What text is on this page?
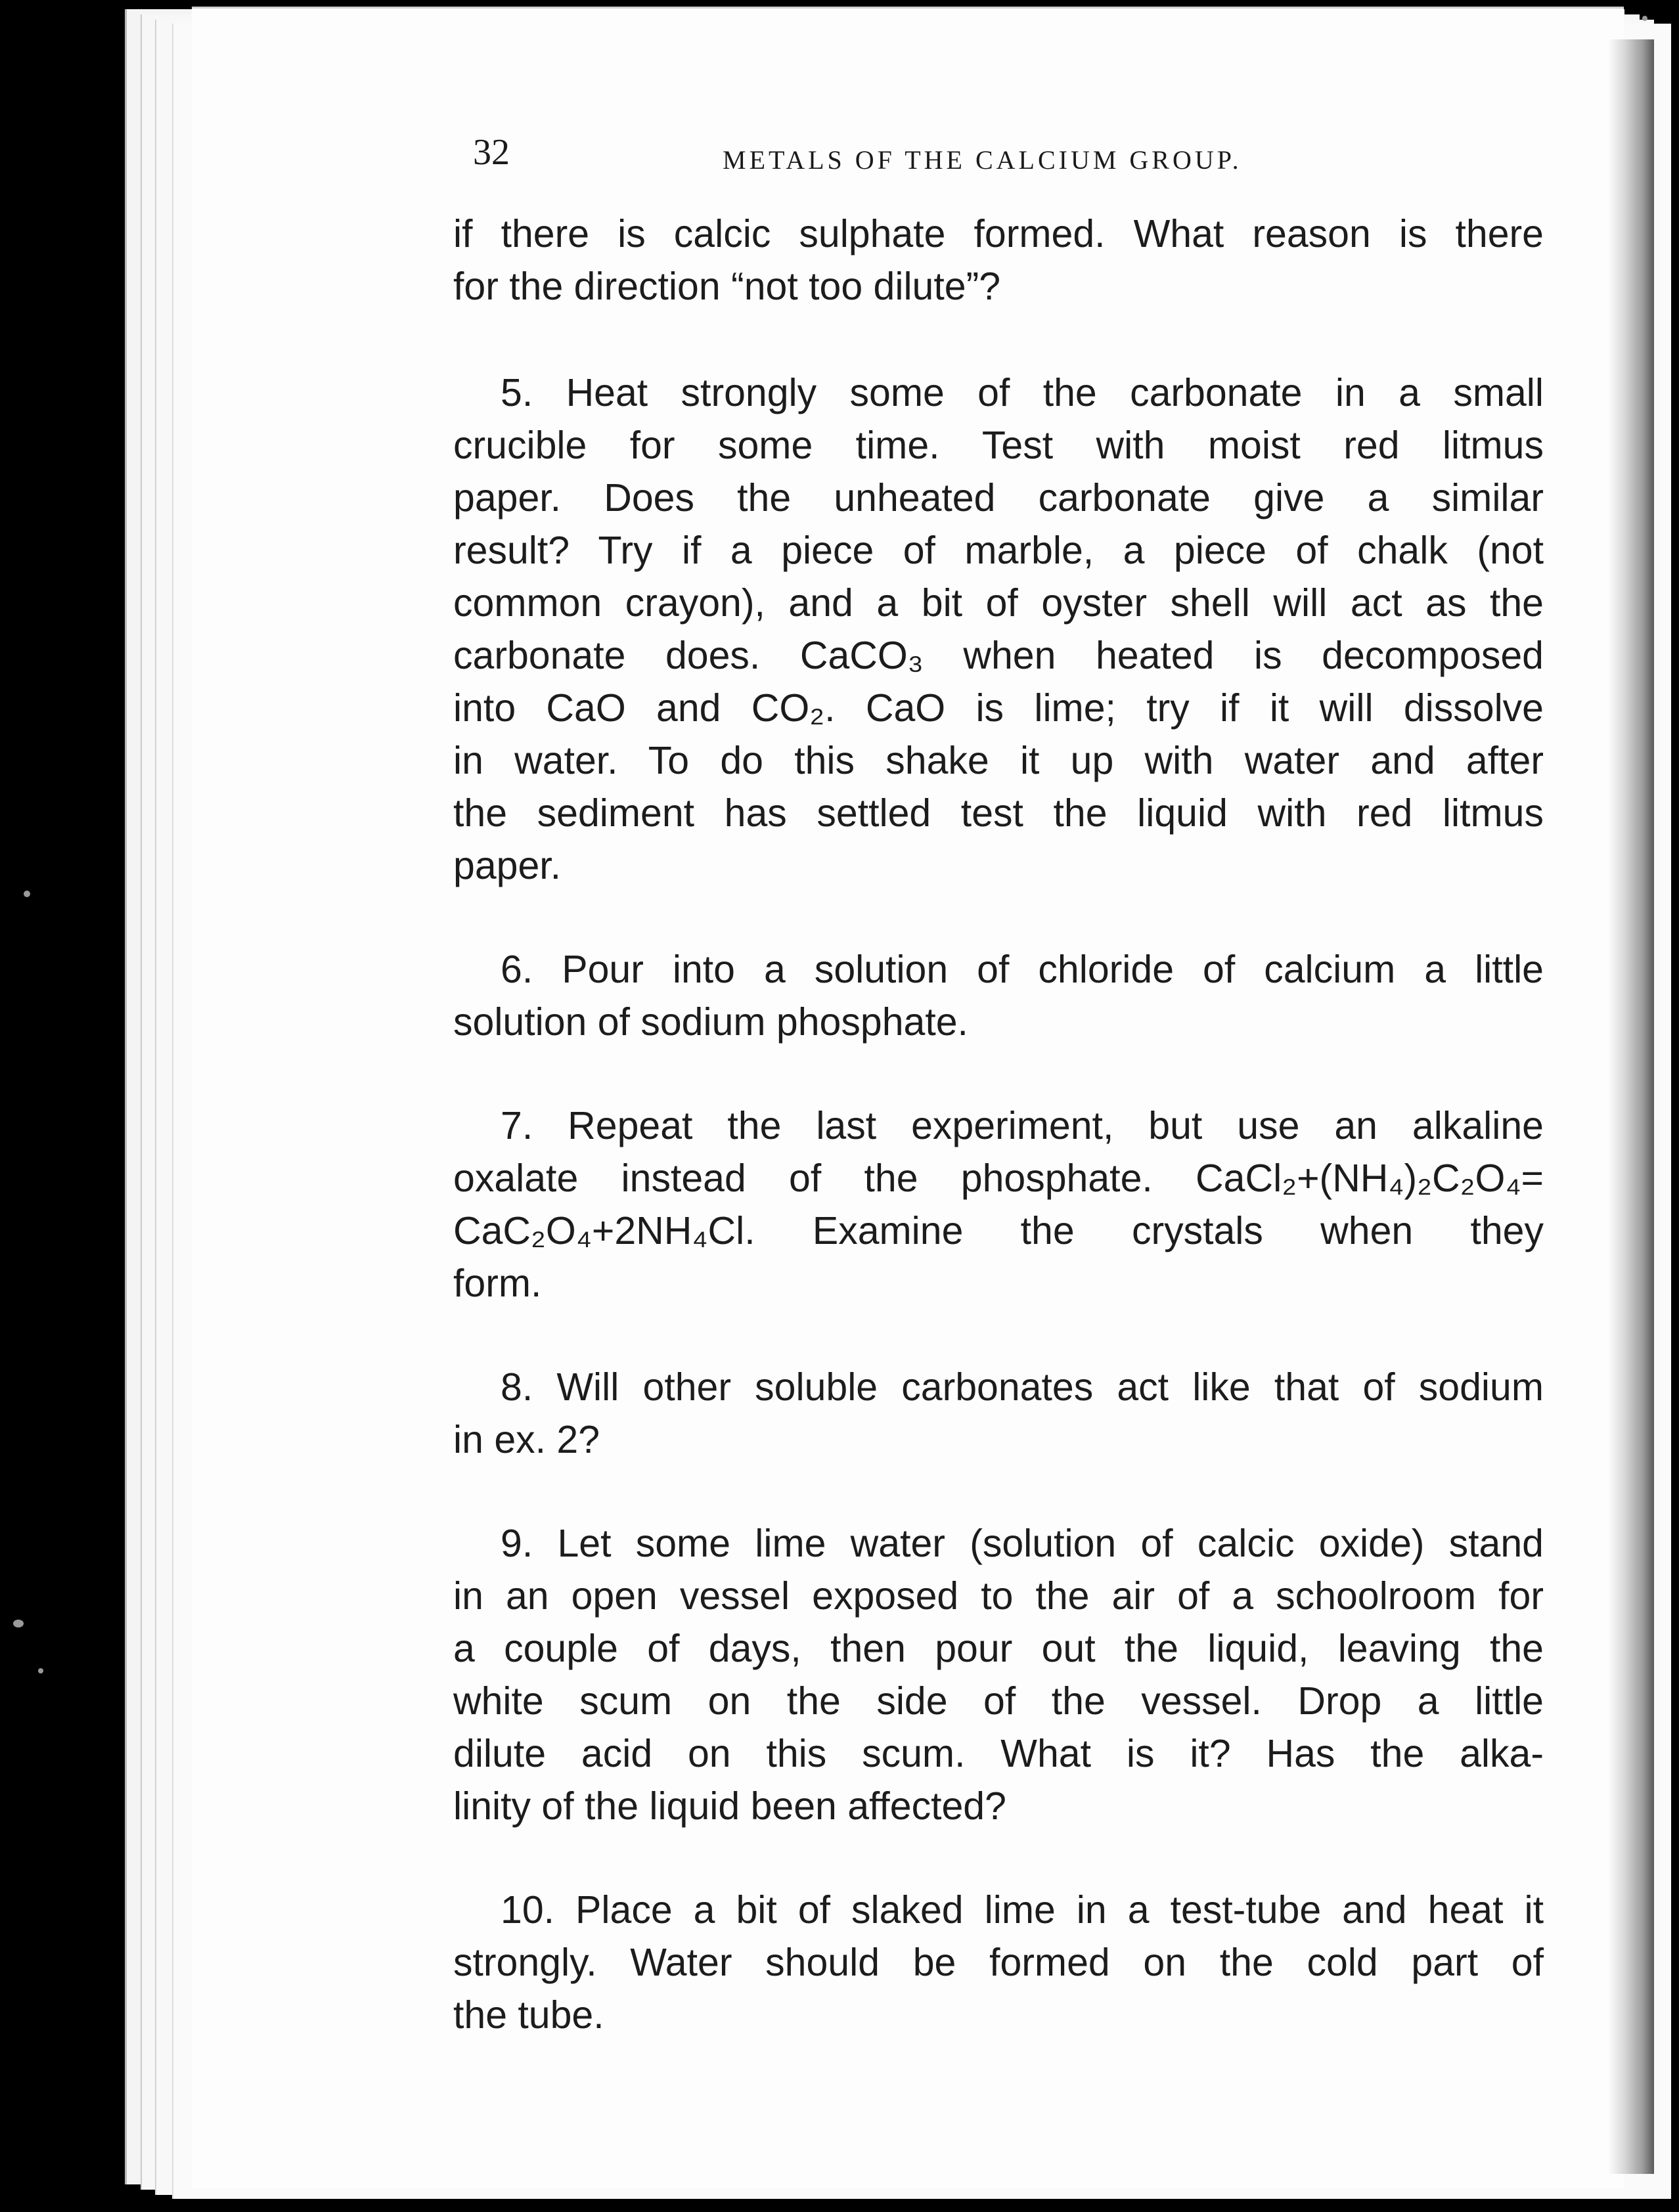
32	METALS OF THE CALCIUM GROUP.

if there is calcic sulphate formed. What reason is there
for the direction “not too dilute”?

5. Heat strongly some of the carbonate in a small
crucible for some time. Test with moist red litmus
paper. Does the unheated carbonate give a similar
result? Try if a piece of marble, a piece of chalk (not
common crayon), and a bit of oyster shell will act as the
carbonate does. CaCO₃ when heated is decomposed
into CaO and CO₂. CaO is lime; try if it will dissolve
in water. To do this shake it up with water and after
the sediment has settled test the liquid with red litmus
paper.

6. Pour into a solution of chloride of calcium a little
solution of sodium phosphate.

7. Repeat the last experiment, but use an alkaline
oxalate instead of the phosphate. CaCl₂+(NH₄)₂C₂O₄=
CaC₂O₄+2NH₄Cl. Examine the crystals when they
form.

8. Will other soluble carbonates act like that of sodium
in ex. 2?

9. Let some lime water (solution of calcic oxide) stand
in an open vessel exposed to the air of a schoolroom for
a couple of days, then pour out the liquid, leaving the
white scum on the side of the vessel. Drop a little
dilute acid on this scum. What is it? Has the alka-
linity of the liquid been affected?

10. Place a bit of slaked lime in a test-tube and heat it
strongly. Water should be formed on the cold part of
the tube.
